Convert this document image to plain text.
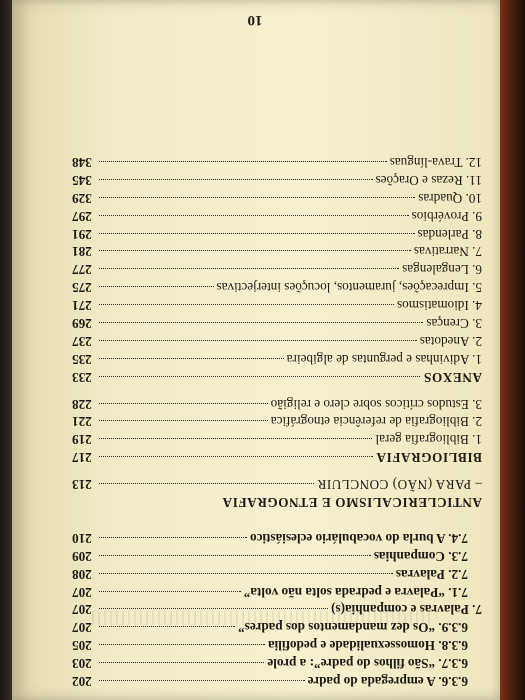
6.3.6. A empregada do padre
202
6.3.7. “São filhos do padre”: a prole
203
6.3.8. Homossexualidade e pedofilia
205
6.3.9. “Os dez mandamentos dos padres”
207
7. Palavras e companhia(s)
207
7.1. “Palavra e pedrada solta não volta”
207
7.2. Palavras
208
7.3. Companhias
209
7.4. A burla do vocabulário eclesiástico
210
ANTICLERICALISMO E ETNOGRAFIA
– PARA (NÃO) CONCLUIR
213
BIBLIOGRAFIA
217
1. Bibliografia geral
219
2. Bibliografia de referência etnográfica
221
3. Estudos críticos sobre clero e religião
228
ANEXOS
233
1. Adivinhas e perguntas de algibeira
235
2. Anedotas
237
3. Crenças
269
4. Idiomatismos
271
5. Imprecações, juramentos, locuções interjectivas
275
6. Lengalengas
277
7. Narrativas
281
8. Parlendas
291
9. Provérbios
297
10. Quadras
329
11. Rezas e Orações
345
12. Trava-línguas
348
10
